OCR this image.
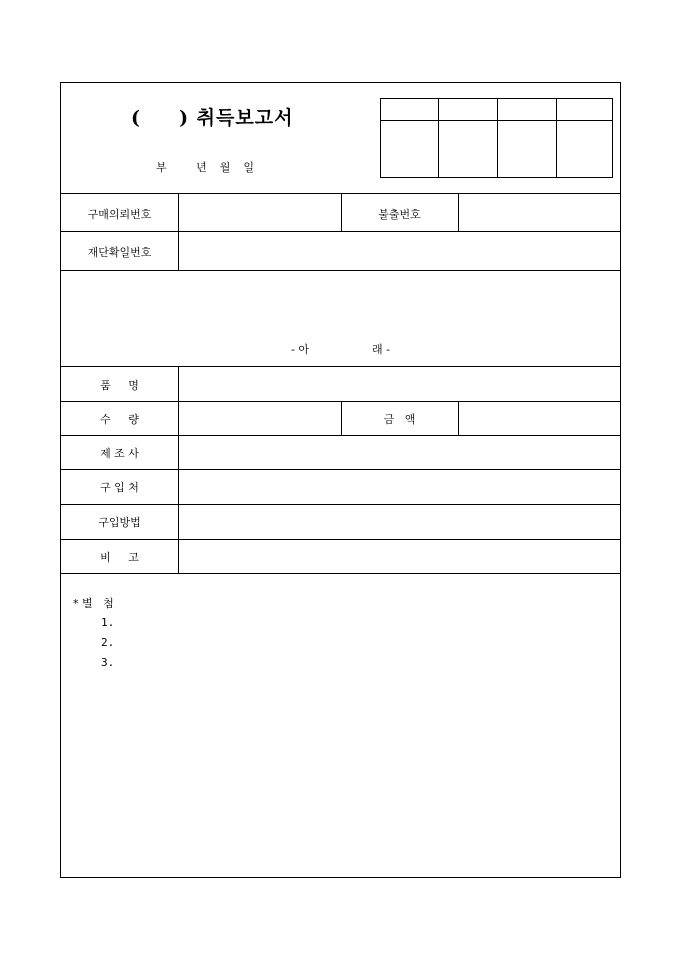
(     ) 취득보고서
부     년  월  일
구매의뢰번호	불출번호
재단확일번호
- 아                  래 -
품     명
수     량	금   액
제 조 사
구 입 처
구입방법
비     고
* 별   첨
1.
2.
3.
